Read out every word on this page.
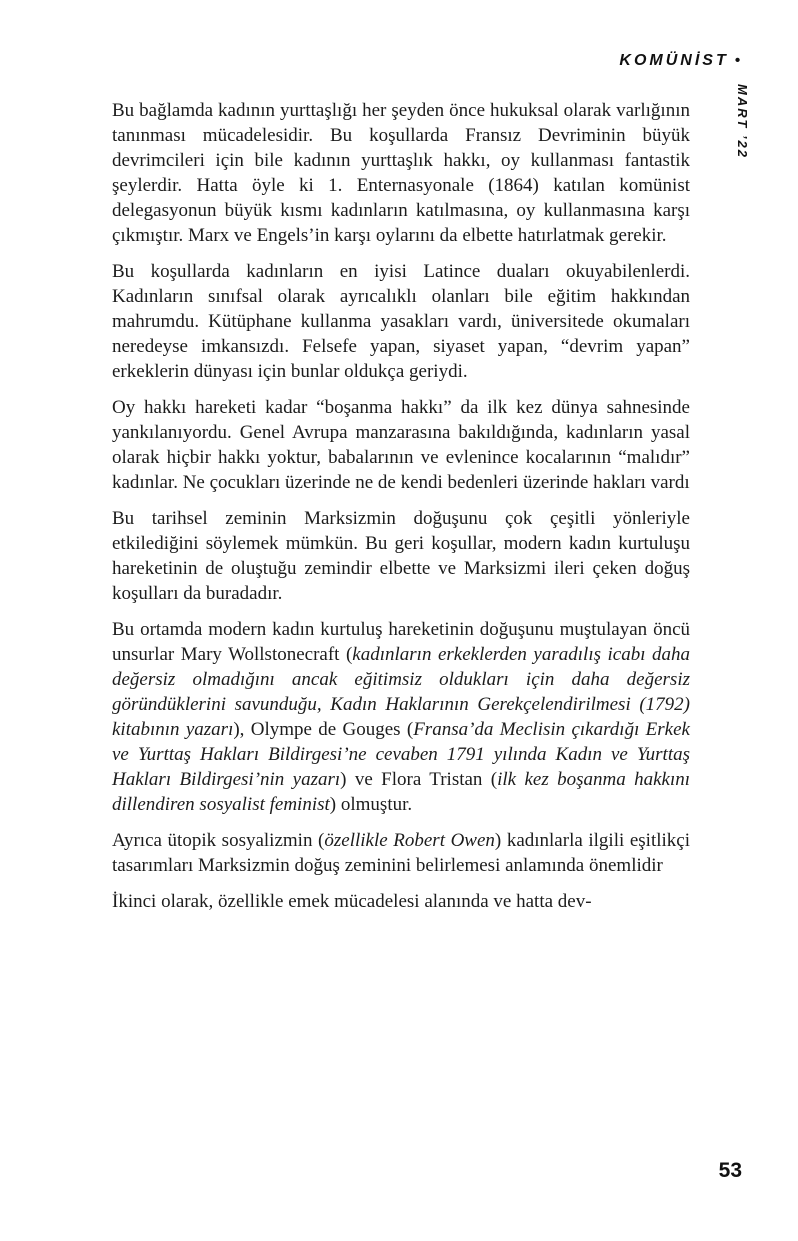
KOMÜNİST •
MART ’22

Bu bağlamda kadının yurttaşlığı her şeyden önce hukuksal olarak varlığının tanınması mücadelesidir. Bu koşullarda Fransız Devriminin büyük devrimcileri için bile kadının yurttaşlık hakkı, oy kullanması fantastik şeylerdir. Hatta öyle ki 1. Enternasyonale (1864) katılan komünist delegasyonun büyük kısmı kadınların katılmasına, oy kullanmasına karşı çıkmıştır. Marx ve Engels’in karşı oylarını da elbette hatırlatmak gerekir.

Bu koşullarda kadınların en iyisi Latince duaları okuyabilenlerdi. Kadınların sınıfsal olarak ayrıcalıklı olanları bile eğitim hakkından mahrumdu. Kütüphane kullanma yasakları vardı, üniversitede okumaları neredeyse imkansızdı. Felsefe yapan, siyaset yapan, “devrim yapan” erkeklerin dünyası için bunlar oldukça geriydi.

Oy hakkı hareketi kadar “boşanma hakkı” da ilk kez dünya sahnesinde yankılanıyordu. Genel Avrupa manzarasına bakıldığında, kadınların yasal olarak hiçbir hakkı yoktur, babalarının ve evlenince kocalarının “malıdır” kadınlar. Ne çocukları üzerinde ne de kendi bedenleri üzerinde hakları vardı

Bu tarihsel zeminin Marksizmin doğuşunu çok çeşitli yönleriyle etkilediğini söylemek mümkün. Bu geri koşullar, modern kadın kurtuluşu hareketinin de oluştuğu zemindir elbette ve Marksizmi ileri çeken doğuş koşulları da buradadır.

Bu ortamda modern kadın kurtuluş hareketinin doğuşunu muştulayan öncü unsurlar Mary Wollstonecraft (kadınların erkeklerden yaradılış icabı daha değersiz olmadığını ancak eğitimsiz oldukları için daha değersiz göründüklerini savunduğu, Kadın Haklarının Gerekçelendirilmesi (1792) kitabının yazarı), Olympe de Gouges (Fransa’da Meclisin çıkardığı Erkek ve Yurttaş Hakları Bildirgesi’ne cevaben 1791 yılında Kadın ve Yurttaş Hakları Bildirgesi’nin yazarı) ve Flora Tristan (ilk kez boşanma hakkını dillendiren sosyalist feminist) olmuştur.

Ayrıca ütopik sosyalizmin (özellikle Robert Owen) kadınlarla ilgili eşitlikçi tasarımları Marksizmin doğuş zeminini belirlemesi anlamında önemlidir

İkinci olarak, özellikle emek mücadelesi alanında ve hatta dev-

53
